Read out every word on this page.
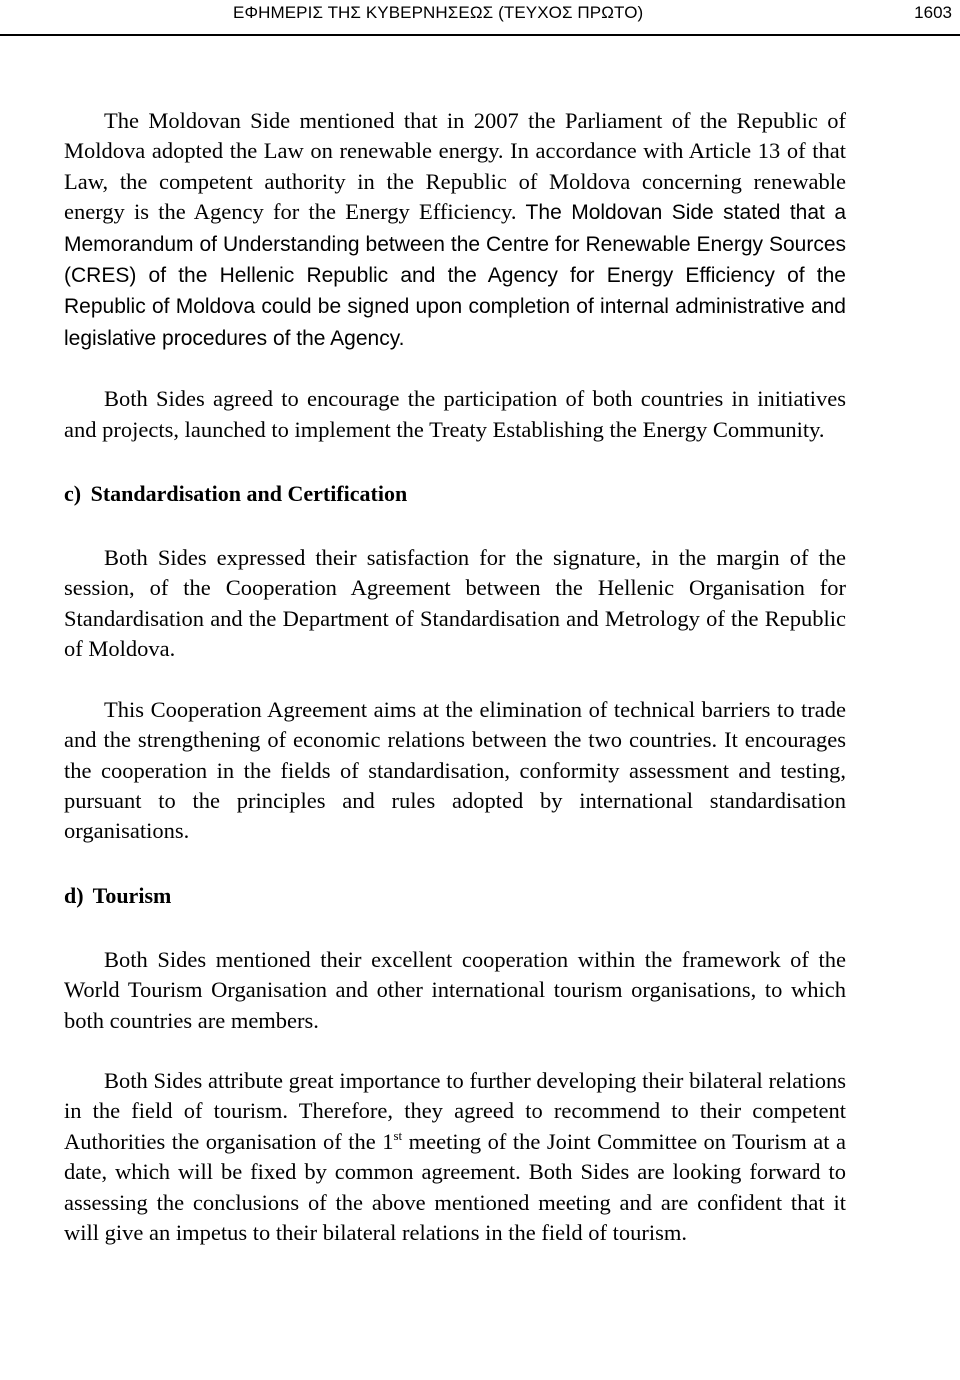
ΕΦΗΜΕΡΙΣ ΤΗΣ ΚΥΒΕΡΝΗΣΕΩΣ (ΤΕΥΧΟΣ ΠΡΩΤΟ)	1603

The Moldovan Side mentioned that in 2007 the Parliament of the Republic of Moldova adopted the Law on renewable energy. In accordance with Article 13 of that Law, the competent authority in the Republic of Moldova concerning renewable energy is the Agency for the Energy Efficiency. The Moldovan Side stated that a Memorandum of Understanding between the Centre for Renewable Energy Sources (CRES) of the Hellenic Republic and the Agency for Energy Efficiency of the Republic of Moldova could be signed upon completion of internal administrative and legislative procedures of the Agency.

Both Sides agreed to encourage the participation of both countries in initiatives and projects, launched to implement the Treaty Establishing the Energy Community.

c) Standardisation and Certification

Both Sides expressed their satisfaction for the signature, in the margin of the session, of the Cooperation Agreement between the Hellenic Organisation for Standardisation and the Department of Standardisation and Metrology of the Republic of Moldova.

This Cooperation Agreement aims at the elimination of technical barriers to trade and the strengthening of economic relations between the two countries. It encourages the cooperation in the fields of standardisation, conformity assessment and testing, pursuant to the principles and rules adopted by international standardisation organisations.

d) Tourism

Both Sides mentioned their excellent cooperation within the framework of the World Tourism Organisation and other international tourism organisations, to which both countries are members.

Both Sides attribute great importance to further developing their bilateral relations in the field of tourism. Therefore, they agreed to recommend to their competent Authorities the organisation of the 1st meeting of the Joint Committee on Tourism at a date, which will be fixed by common agreement. Both Sides are looking forward to assessing the conclusions of the above mentioned meeting and are confident that it will give an impetus to their bilateral relations in the field of tourism.
